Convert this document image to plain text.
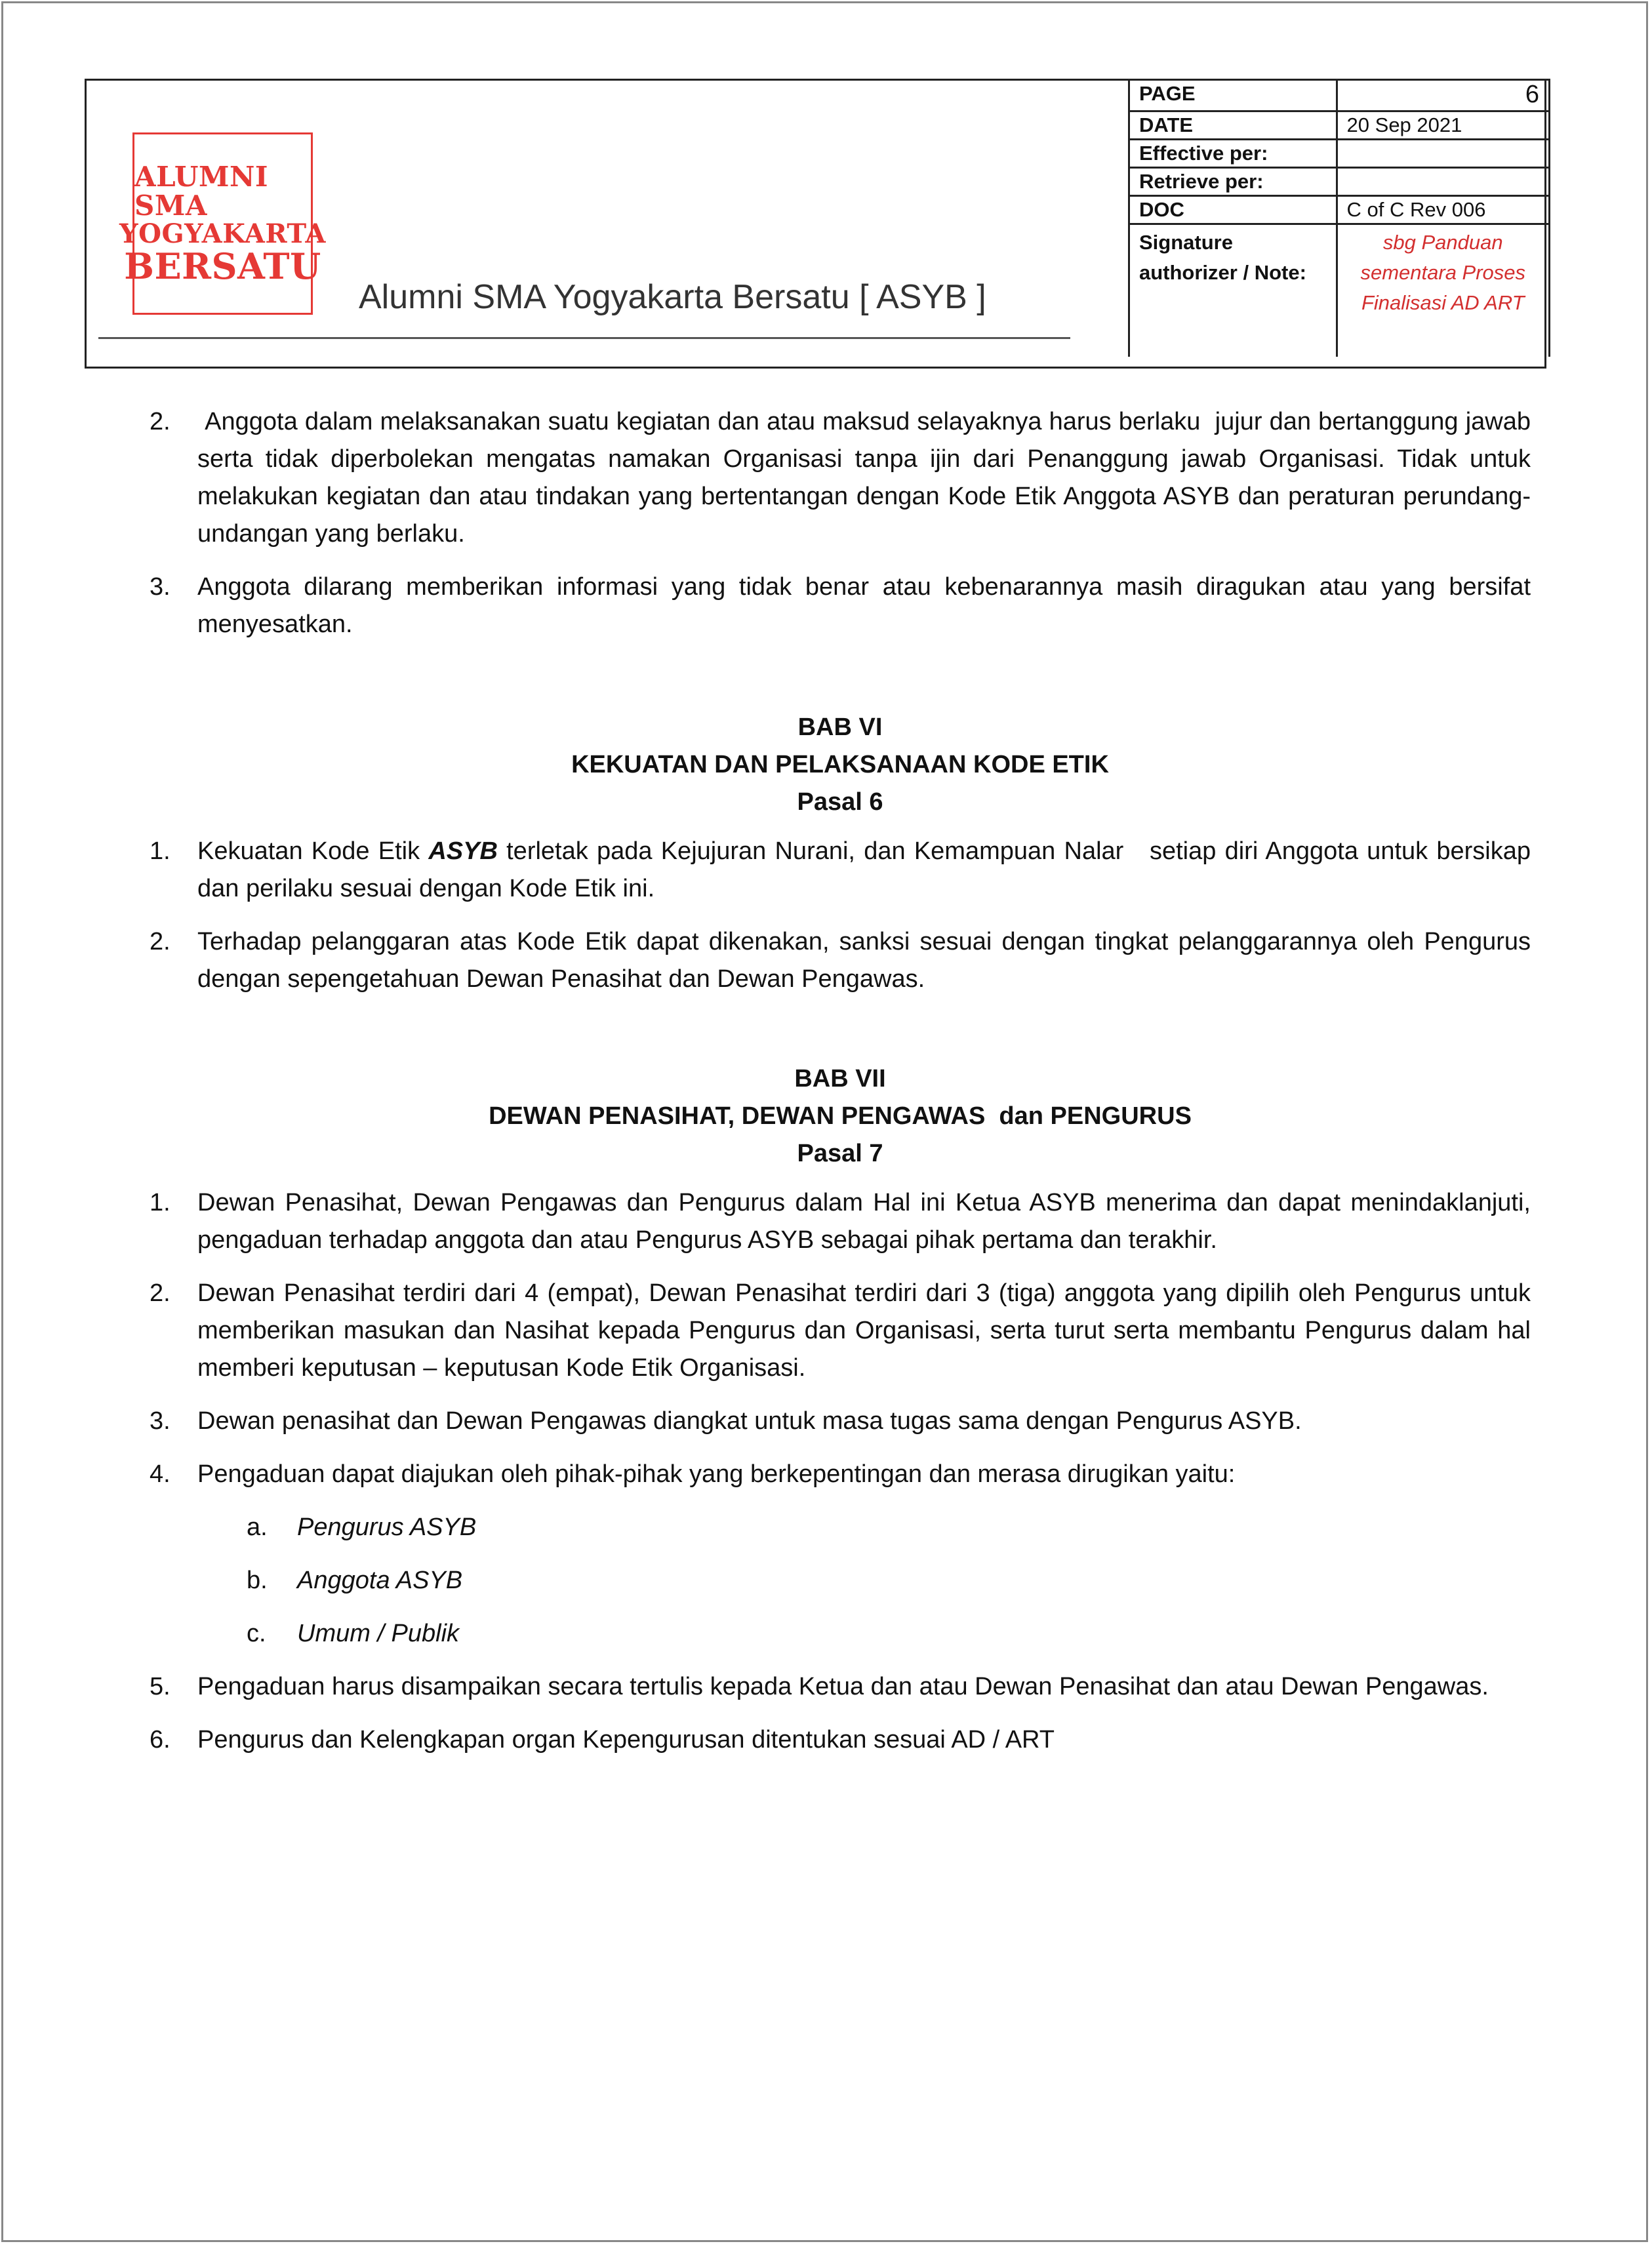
ALUMNI SMA
YOGYAKARTA
BERSATU
Alumni SMA Yogyakarta Bersatu [ ASYB ]
PAGE	6
DATE	20 Sep 2021
Effective per:	
Retrieve per:	
DOC	C of C Rev 006
Signature authorizer / Note:	sbg Panduan sementara Proses Finalisasi AD ART
2. Anggota dalam melaksanakan suatu kegiatan dan atau maksud selayaknya harus berlaku  jujur dan bertanggung jawab serta tidak diperbolekan mengatas namakan Organisasi tanpa ijin dari Penanggung jawab Organisasi. Tidak untuk melakukan kegiatan dan atau tindakan yang bertentangan dengan Kode Etik Anggota ASYB dan peraturan perundang-undangan yang berlaku.
3. Anggota dilarang memberikan informasi yang tidak benar atau kebenarannya masih diragukan atau yang bersifat menyesatkan.
BAB VI
KEKUATAN DAN PELAKSANAAN KODE ETIK
Pasal 6
1. Kekuatan Kode Etik ASYB terletak pada Kejujuran Nurani, dan Kemampuan Nalar   setiap diri Anggota untuk bersikap dan perilaku sesuai dengan Kode Etik ini.
2. Terhadap pelanggaran atas Kode Etik dapat dikenakan, sanksi sesuai dengan tingkat pelanggarannya oleh Pengurus dengan sepengetahuan Dewan Penasihat dan Dewan Pengawas.
BAB VII
DEWAN PENASIHAT, DEWAN PENGAWAS  dan PENGURUS
Pasal 7
1. Dewan Penasihat, Dewan Pengawas dan Pengurus dalam Hal ini Ketua ASYB menerima dan dapat menindaklanjuti, pengaduan terhadap anggota dan atau Pengurus ASYB sebagai pihak pertama dan terakhir.
2. Dewan Penasihat terdiri dari 4 (empat), Dewan Penasihat terdiri dari 3 (tiga) anggota yang dipilih oleh Pengurus untuk memberikan masukan dan Nasihat kepada Pengurus dan Organisasi, serta turut serta membantu Pengurus dalam hal memberi keputusan – keputusan Kode Etik Organisasi.
3. Dewan penasihat dan Dewan Pengawas diangkat untuk masa tugas sama dengan Pengurus ASYB.
4. Pengaduan dapat diajukan oleh pihak-pihak yang berkepentingan dan merasa dirugikan yaitu:
a. Pengurus ASYB
b. Anggota ASYB
c. Umum / Publik
5. Pengaduan harus disampaikan secara tertulis kepada Ketua dan atau Dewan Penasihat dan atau Dewan Pengawas.
6. Pengurus dan Kelengkapan organ Kepengurusan ditentukan sesuai AD / ART
